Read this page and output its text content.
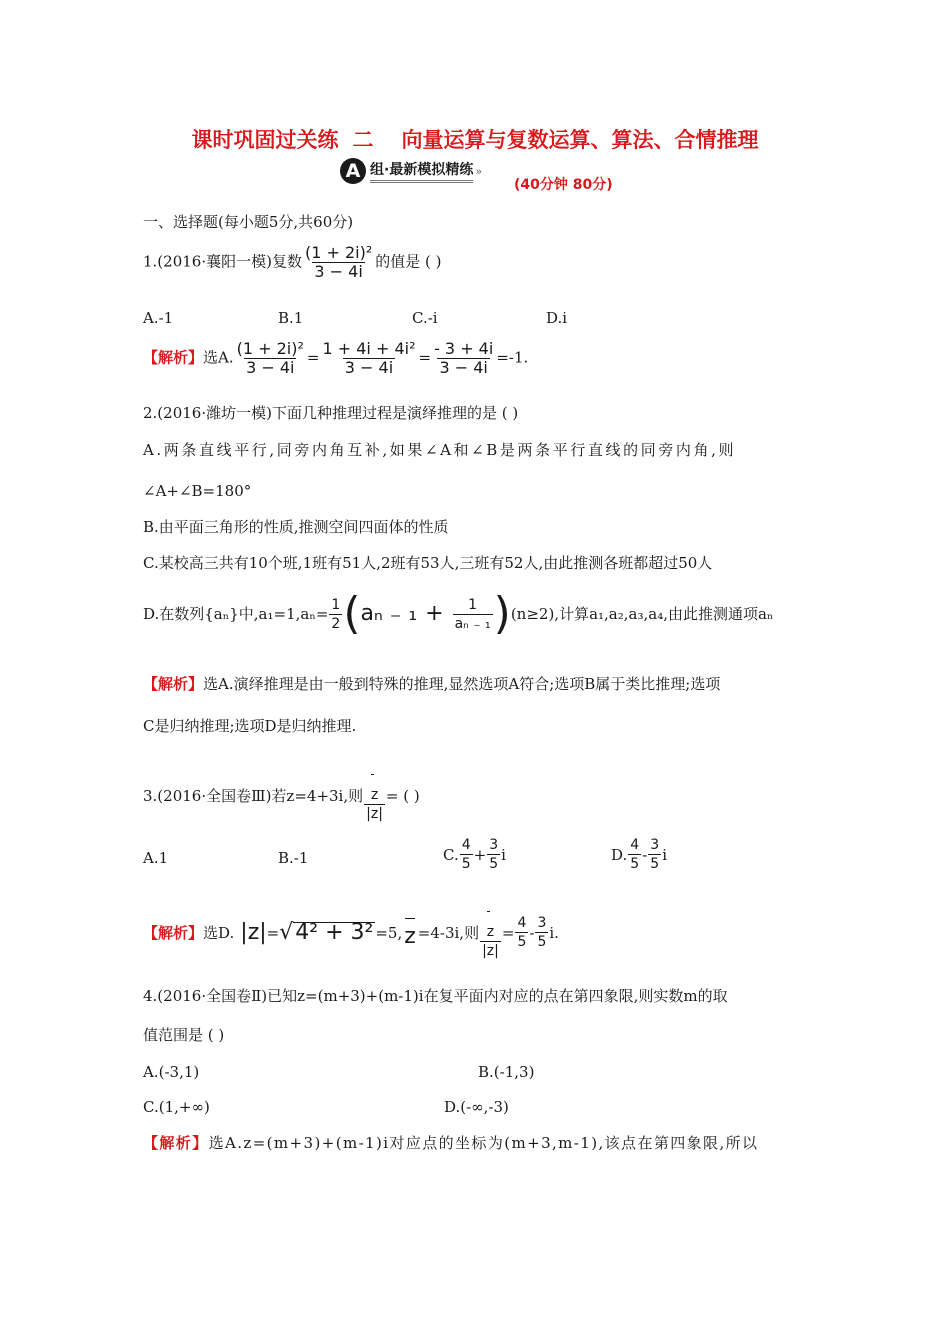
课时巩固过关练 二 向量运算与复数运算、算法、合情推理
A 组·最新模拟精练 »
(40分钟 80分)
一、选择题(每小题5分,共60分)
1.(2016·襄阳一模)复数 $\frac{\text{(1 + 2i)²}}{3 - 4i}$ 的值是 ( )
A.-1	B.1	C.-i	D.i
【解析】选A. $\frac{\text{(1 + 2i)²}}{3 - 4i} = \frac{\text{1 + 4i + 4i²}}{3 - 4i} = \frac{- 3 + 4i}{3 - 4i} =-1$.
2.(2016·潍坊一模)下面几种推理过程是演绎推理的是 ( )
A.两条直线平行,同旁内角互补,如果∠A和∠B是两条平行直线的同旁内角,则
∠A+∠B=180°
B.由平面三角形的性质,推测空间四面体的性质
C.某校高三共有10个班,1班有51人,2班有53人,三班有52人,由此推测各班都超过50人
D.在数列{aₙ}中$,a_1=1,a_n= \frac{1}{2}$ ( aₙ ₋ $_1 + \frac{1}{\text{aₙ ₋ ₁}}$ ) (n≥2),计算a₁,a₂,a₃,a₄,由此推测通项aₙ
【解析】选A.演绎推理是由一般到特殊的推理,显然选项A符合;选项B属于类比推理;选项
C是归纳推理;选项D是归纳推理.
3.(2016·全国卷Ⅲ)若z=4+3i,则
z
|z|
= ( )
A.1	B.-1	C. $\frac{4}{5} + \frac{3}{5}$ i	D. $\frac{4}{5} - \frac{3}{5}$ i
【解析】 选D. |z| = √ 4² + 3² =5,
z =4-3i,则
z
|z|
= $\frac{4}{5} - \frac{3}{5} i$.
4.(2016·全国卷Ⅱ)已知z=(m+3)+(m-1)i在复平面内对应的点在第四象限,则实数m的取
值范围是 ( )
A.(-3,1)	B.(-1,3)
C.(1,+∞)	D.(-∞,-3)
【解析】选A.z=(m+3)+(m-1)i对应点的坐标为(m+3,m-1),该点在第四象限,所以
